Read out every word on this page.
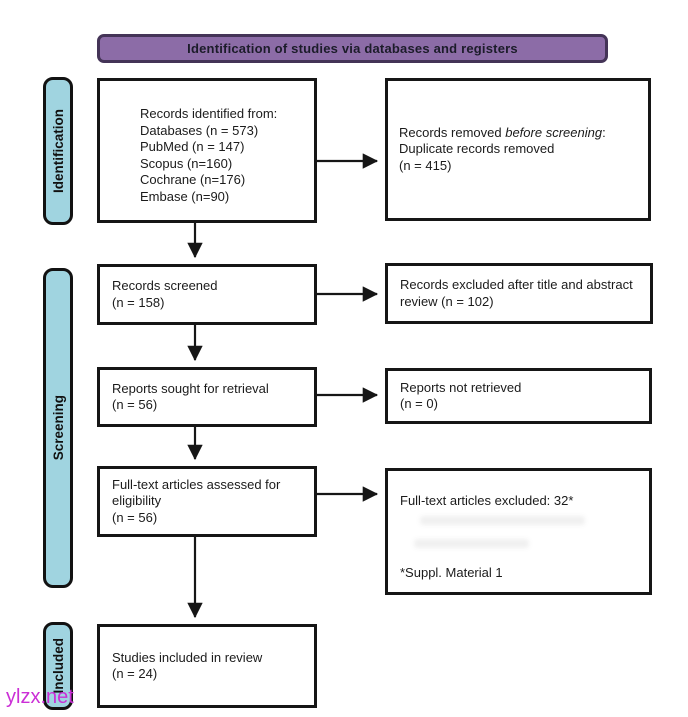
Identification of studies via databases and registers
Identification
Screening
Included
Records identified from:
Databases (n = 573)
PubMed (n = 147)
Scopus (n=160)
Cochrane (n=176)
Embase (n=90)
Records removed before screening:
Duplicate records removed
(n = 415)
Records screened
(n = 158)
Records excluded after title and abstract
review (n = 102)
Reports sought for retrieval
(n = 56)
Reports not retrieved
(n = 0)
Full-text articles assessed for
eligibility
(n = 56)
Full-text articles excluded: 32*
*Suppl. Material 1
Studies included in review
(n = 24)
ylzx.net
